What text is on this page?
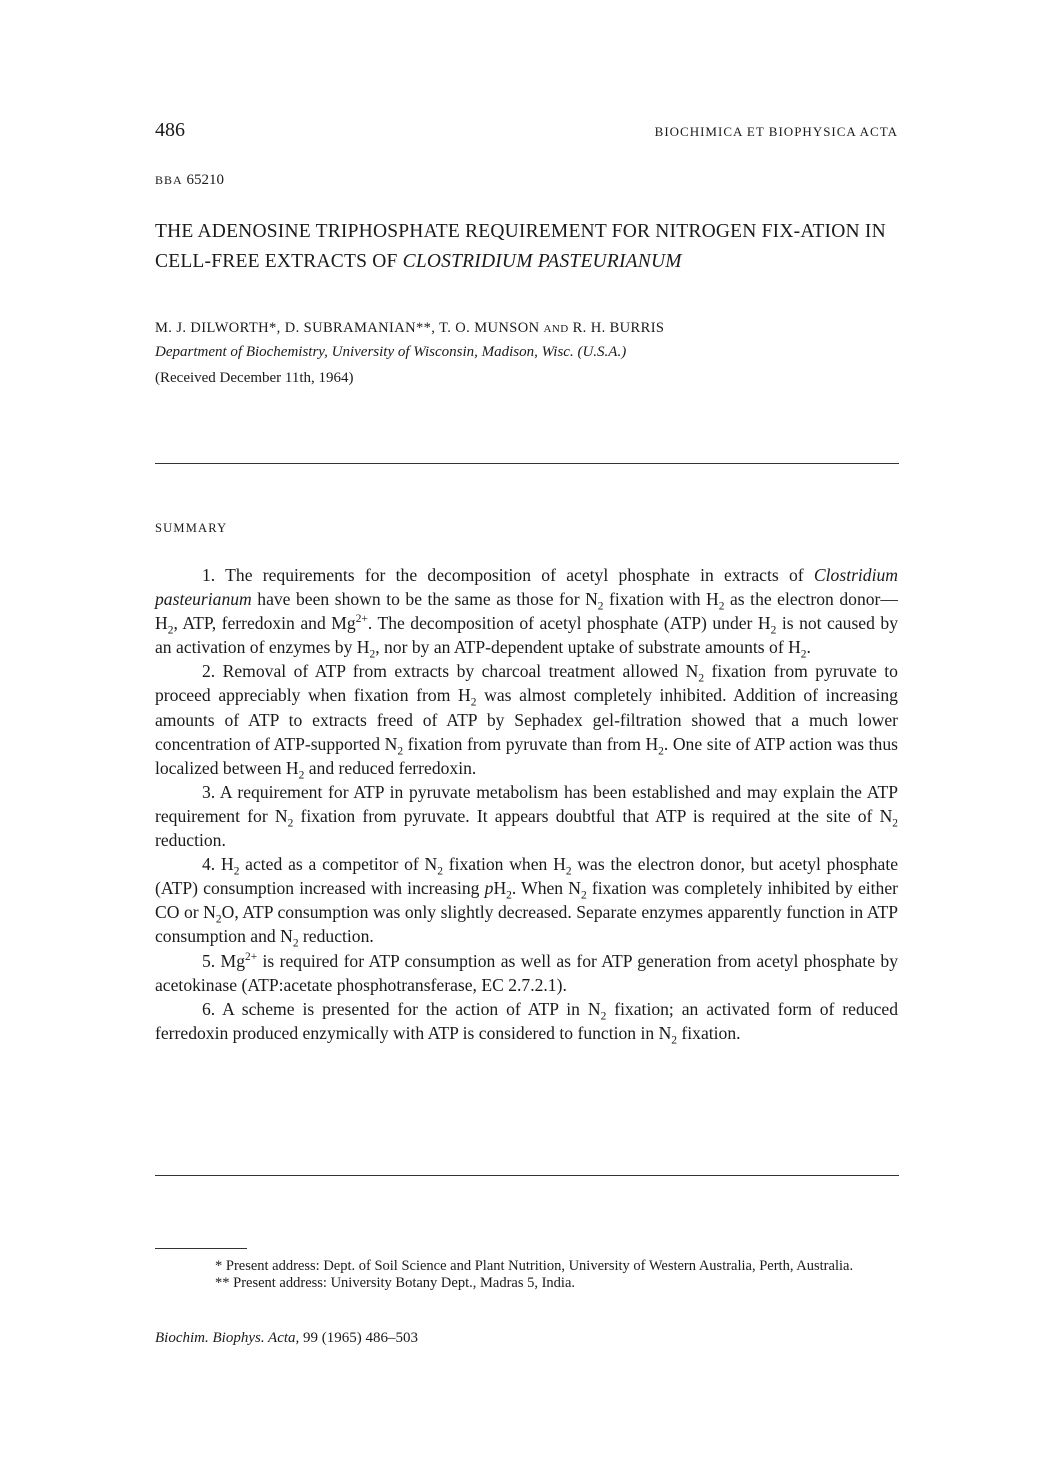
486	BIOCHIMICA ET BIOPHYSICA ACTA
BBA 65210
THE ADENOSINE TRIPHOSPHATE REQUIREMENT FOR NITROGEN FIX-ATION IN CELL-FREE EXTRACTS OF CLOSTRIDIUM PASTEURIANUM
M. J. DILWORTH*, D. SUBRAMANIAN**, T. O. MUNSON AND R. H. BURRIS
Department of Biochemistry, University of Wisconsin, Madison, Wisc. (U.S.A.)
(Received December 11th, 1964)
SUMMARY

1. The requirements for the decomposition of acetyl phosphate in extracts of Clostridium pasteurianum have been shown to be the same as those for $N_2$ fixation with $H_2$ as the electron $donor—H_2$, ATP, ferredoxin and $Mg^{2+}$. The decomposition of acetyl phosphate (ATP) under $H_2$ is not caused by an activation of enzymes by $H_2$, nor by an ATP-dependent uptake of substrate amounts of $H_2$.

2. Removal of ATP from extracts by charcoal treatment allowed $N_2$ fixation from pyruvate to proceed appreciably when fixation from $H_2$ was almost completely inhibited. Addition of increasing amounts of ATP to extracts freed of ATP by Sephadex gel-filtration showed that a much lower concentration of ATP-supported $N_2$ fixation from pyruvate than from $H_2$. One site of ATP action was thus localized between $H_2$ and reduced ferredoxin.

3. A requirement for ATP in pyruvate metabolism has been established and may explain the ATP requirement for $N_2$ fixation from pyruvate. It appears doubtful that ATP is required at the site of $N_2$ reduction.

4. $H_2$ acted as a competitor of $N_2$ fixation when $H_2$ was the electron donor, but acetyl phosphate (ATP) consumption increased with increasing $pH_2$. When $N_2$ fixation was completely inhibited by either CO or $N_2O$, ATP consumption was only slightly decreased. Separate enzymes apparently function in ATP consumption and $N_2$ reduction.

5. $Mg^{2+}$ is required for ATP consumption as well as for ATP generation from acetyl phosphate by acetokinase (ATP:acetate phosphotransferase, EC 2.7.2.1).

6. A scheme is presented for the action of ATP in $N_2$ fixation; an activated form of reduced ferredoxin produced enzymically with ATP is considered to function in $N_2$ fixation.

* Present address: Dept. of Soil Science and Plant Nutrition, University of Western Australia, Perth, Australia.

** Present address: University Botany Dept., Madras 5, India.

Biochim. Biophys. Acta, 99 (1965) 486–503
